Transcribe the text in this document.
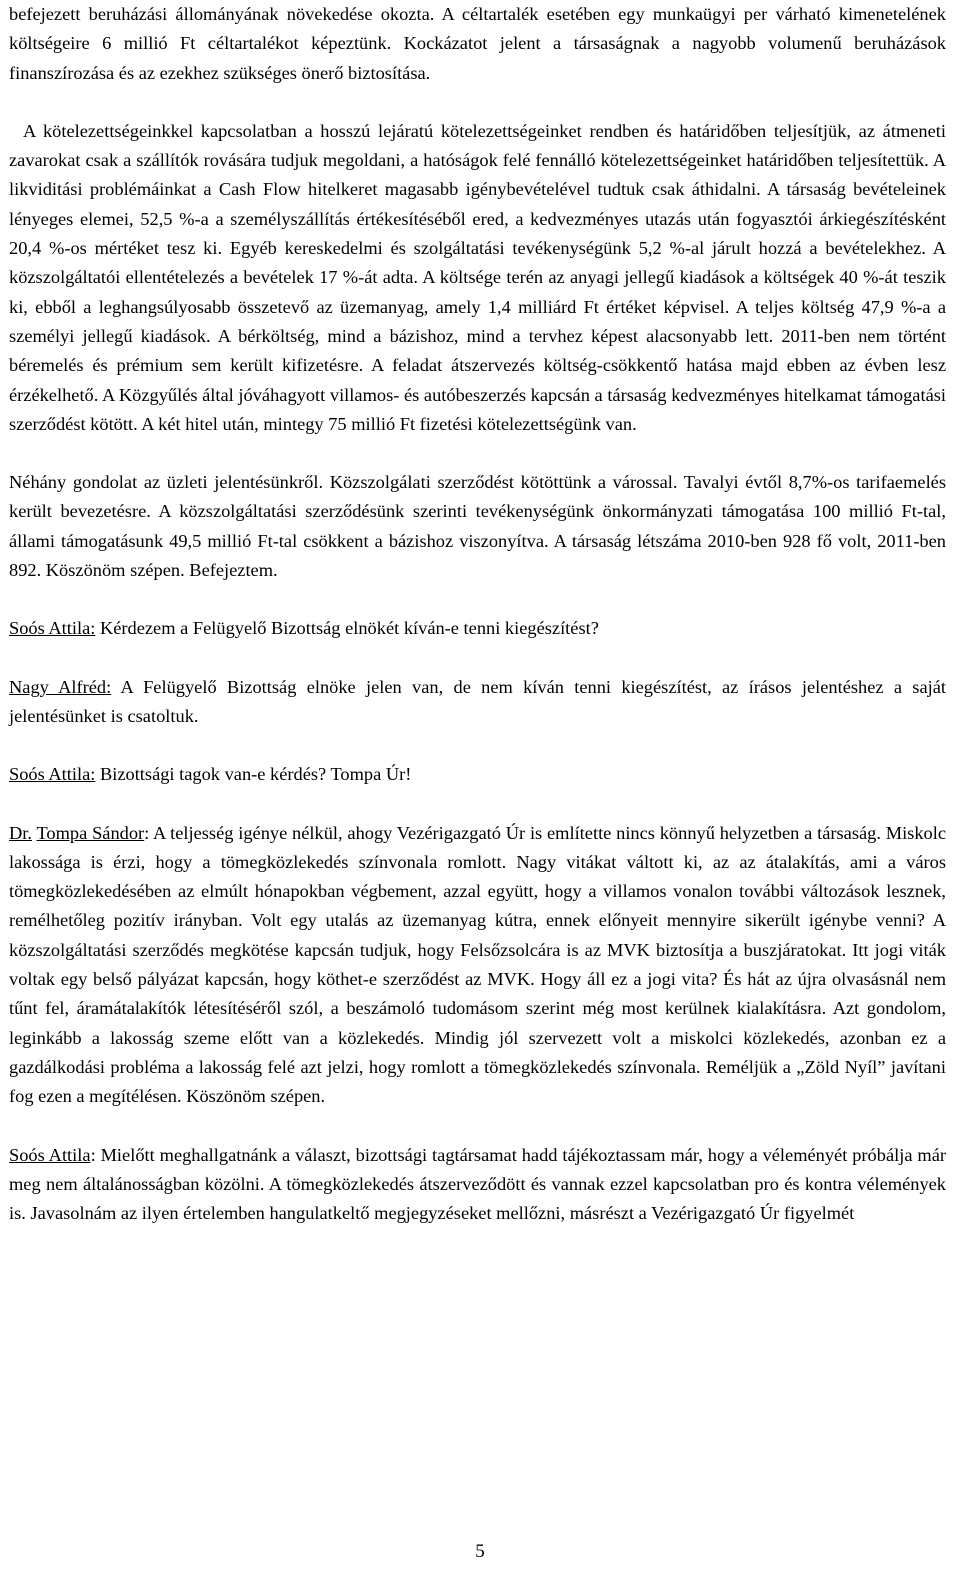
befejezett beruházási állományának növekedése okozta. A céltartalék esetében egy munkaügyi per várható kimenetelének költségeire 6 millió Ft céltartalékot képeztünk. Kockázatot jelent a társaságnak a nagyobb volumenű beruházások finanszírozása és az ezekhez szükséges önerő biztosítása.

A kötelezettségeinkkel kapcsolatban a hosszú lejáratú kötelezettségeinket rendben és határidőben teljesítjük, az átmeneti zavarokat csak a szállítók rovására tudjuk megoldani, a hatóságok felé fennálló kötelezettségeinket határidőben teljesítettük. A likviditási problémáinkat a Cash Flow hitelkeret magasabb igénybevételével tudtuk csak áthidalni. A társaság bevételeinek lényeges elemei, 52,5 %-a a személyszállítás értékesítéséből ered, a kedvezményes utazás után fogyasztói árkiegészítésként 20,4 %-os mértéket tesz ki. Egyéb kereskedelmi és szolgáltatási tevékenységünk 5,2 %-al járult hozzá a bevételekhez. A közszolgáltatói ellentételezés a bevételek 17 %-át adta. A költsége terén az anyagi jellegű kiadások a költségek 40 %-át teszik ki, ebből a leghangsúlyosabb összetevő az üzemanyag, amely 1,4 milliárd Ft értéket képvisel. A teljes költség 47,9 %-a a személyi jellegű kiadások. A bérköltség, mind a bázishoz, mind a tervhez képest alacsonyabb lett. 2011-ben nem történt béremelés és prémium sem került kifizetésre. A feladat átszervezés költség-csökkentő hatása majd ebben az évben lesz érzékelhető. A Közgyűlés által jóváhagyott villamos- és autóbeszerzés kapcsán a társaság kedvezményes hitelkamat támogatási szerződést kötött. A két hitel után, mintegy 75 millió Ft fizetési kötelezettségünk van.

Néhány gondolat az üzleti jelentésünkről. Közszolgálati szerződést kötöttünk a várossal. Tavalyi évtől 8,7%-os tarifaemelés került bevezetésre. A közszolgáltatási szerződésünk szerinti tevékenységünk önkormányzati támogatása 100 millió Ft-tal, állami támogatásunk 49,5 millió Ft-tal csökkent a bázishoz viszonyítva. A társaság létszáma 2010-ben 928 fő volt, 2011-ben 892. Köszönöm szépen. Befejeztem.

Soós Attila: Kérdezem a Felügyelő Bizottság elnökét kíván-e tenni kiegészítést?

Nagy Alfréd: A Felügyelő Bizottság elnöke jelen van, de nem kíván tenni kiegészítést, az írásos jelentéshez a saját jelentésünket is csatoltuk.

Soós Attila: Bizottsági tagok van-e kérdés? Tompa Úr!

Dr. Tompa Sándor: A teljesség igénye nélkül, ahogy Vezérigazgató Úr is említette nincs könnyű helyzetben a társaság. Miskolc lakossága is érzi, hogy a tömegközlekedés színvonala romlott. Nagy vitákat váltott ki, az az átalakítás, ami a város tömegközlekedésében az elmúlt hónapokban végbement, azzal együtt, hogy a villamos vonalon további változások lesznek, remélhetőleg pozitív irányban. Volt egy utalás az üzemanyag kútra, ennek előnyeit mennyire sikerült igénybe venni? A közszolgáltatási szerződés megkötése kapcsán tudjuk, hogy Felsőzsolcára is az MVK biztosítja a buszjáratokat. Itt jogi viták voltak egy belső pályázat kapcsán, hogy köthet-e szerződést az MVK. Hogy áll ez a jogi vita? És hát az újra olvasásnál nem tűnt fel, áramátalakítók létesítéséről szól, a beszámoló tudomásom szerint még most kerülnek kialakításra. Azt gondolom, leginkább a lakosság szeme előtt van a közlekedés. Mindig jól szervezett volt a miskolci közlekedés, azonban ez a gazdálkodási probléma a lakosság felé azt jelzi, hogy romlott a tömegközlekedés színvonala. Reméljük a „Zöld Nyíl” javítani fog ezen a megítélésen. Köszönöm szépen.

Soós Attila: Mielőtt meghallgatnánk a választ, bizottsági tagtársamat hadd tájékoztassam már, hogy a véleményét próbálja már meg nem általánosságban közölni. A tömegközlekedés átszerveződött és vannak ezzel kapcsolatban pro és kontra vélemények is. Javasolnám az ilyen értelemben hangulatkeltő megjegyzéseket mellőzni, másrészt a Vezérigazgató Úr figyelmét

5
